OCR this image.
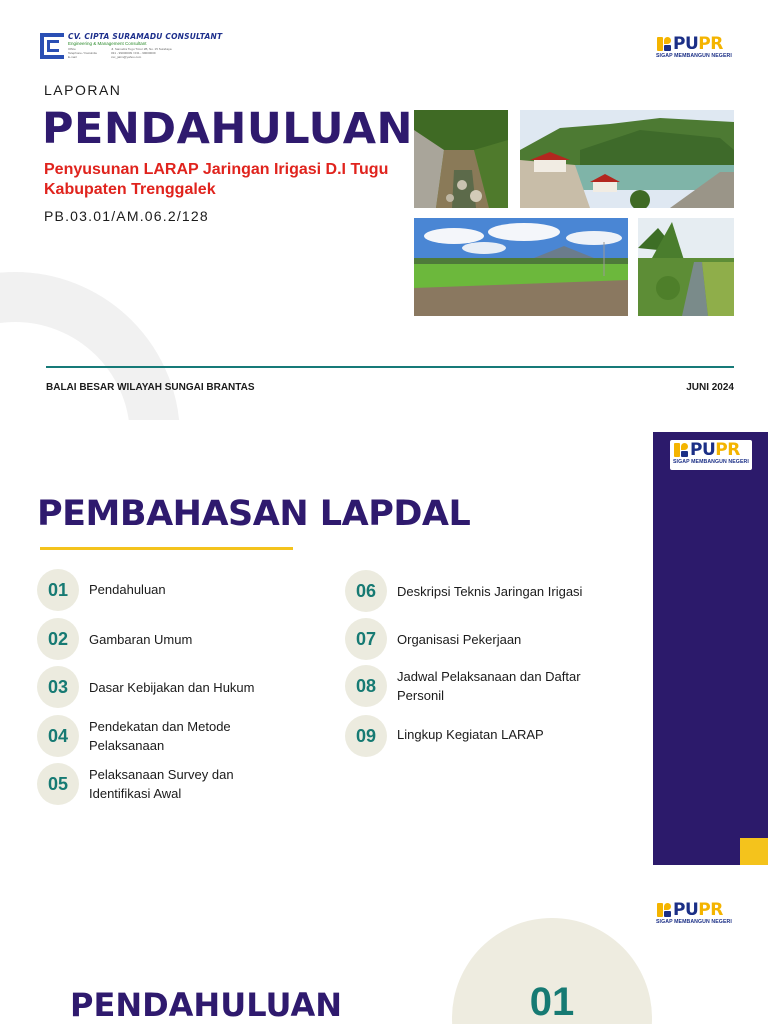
CV. CIPTA SURAMADU CONSULTANT
Engineering & Management Consultant
Office
Telephone / Facsimile
E-mail
Jl. Samudra Tugu Timur 2B, No. 15 Surabaya
031 - 99000009 / 031 - 99000009
csc_jatim@yahoo.com
PUPR
SIGAP MEMBANGUN NEGERI
LAPORAN
PENDAHULUAN
Penyusunan LARAP Jaringan Irigasi D.I Tugu Kabupaten Trenggalek
PB.03.01/AM.06.2/128
BALAI BESAR WILAYAH SUNGAI BRANTAS	JUNI 2024
PUPR
SIGAP MEMBANGUN NEGERI
PEMBAHASAN LAPDAL
01	Pendahuluan
02	Gambaran Umum
03	Dasar Kebijakan dan Hukum
04	Pendekatan dan Metode Pelaksanaan
05	Pelaksanaan Survey dan Identifikasi Awal
06	Deskripsi Teknis Jaringan Irigasi
07	Organisasi Pekerjaan
08	Jadwal Pelaksanaan dan Daftar Personil
09	Lingkup Kegiatan LARAP
PUPR
SIGAP MEMBANGUN NEGERI
01
PENDAHULUAN
